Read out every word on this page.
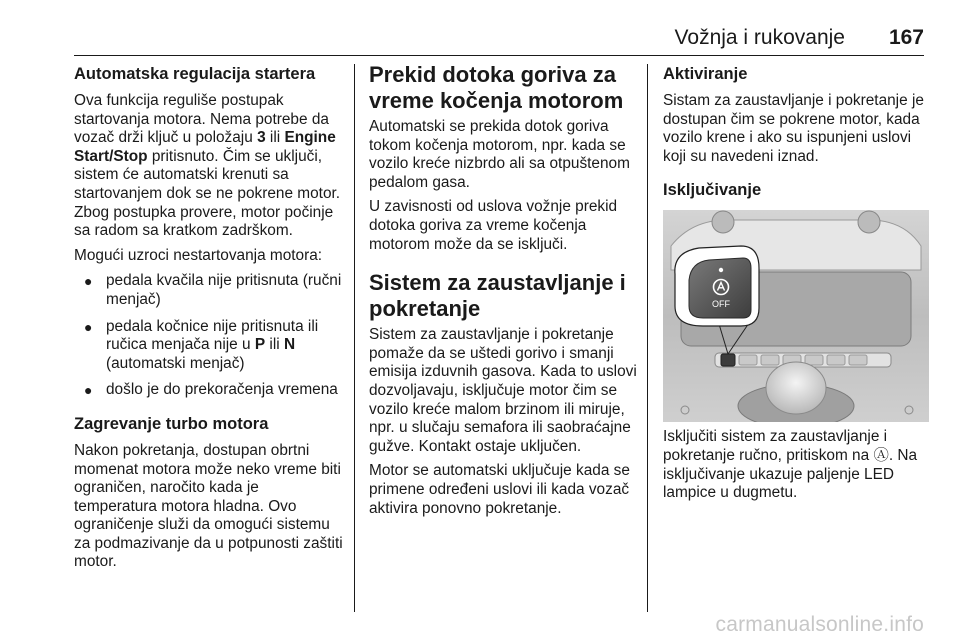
Vožnja i rukovanje 167
Automatska regulacija startera

Ova funkcija reguliše postupak startovanja motora. Nema potrebe da vozač drži ključ u položaju 3 ili Engine Start/Stop pritisnuto. Čim se uključi, sistem će automatski krenuti sa startovanjem dok se ne pokrene motor. Zbog postupka provere, motor počinje sa radom sa kratkom zadrškom.

Mogući uzroci nestartovanja motora:

● pedala kvačila nije pritisnuta (ručni menjač)
● pedala kočnice nije pritisnuta ili ručica menjača nije u P ili N (automatski menjač)
● došlo je do prekoračenja vremena
Zagrevanje turbo motora

Nakon pokretanja, dostupan obrtni momenat motora može neko vreme biti ograničen, naročito kada je temperatura motora hladna. Ovo ograničenje služi da omogući sistemu za podmazivanje da u potpunosti zaštiti motor.

Prekid dotoka goriva za vreme kočenja motorom

Automatski se prekida dotok goriva tokom kočenja motorom, npr. kada se vozilo kreće nizbrdo ali sa otpuštenom pedalom gasa.

U zavisnosti od uslova vožnje prekid dotoka goriva za vreme kočenja motorom može da se isključi.

Sistem za zaustavljanje i pokretanje

Sistem za zaustavljanje i pokretanje pomaže da se uštedi gorivo i smanji emisija izduvnih gasova. Kada to uslovi dozvoljavaju, isključuje motor čim se vozilo kreće malom brzinom ili miruje, npr. u slučaju semafora ili saobraćajne gužve. Kontakt ostaje uključen.

Motor se automatski uključuje kada se primene određeni uslovi ili kada vozač aktivira ponovno pokretanje.

Aktiviranje

Sistam za zaustavljanje i pokretanje je dostupan čim se pokrene motor, kada vozilo krene i ako su ispunjeni uslovi koji su navedeni iznad.

Isključivanje
OFF

Isključiti sistem za zaustavljanje i pokretanje ručno, pritiskom na Ⓐ. Na isključivanje ukazuje paljenje LED lampice u dugmetu.

carmanualsonline.info
